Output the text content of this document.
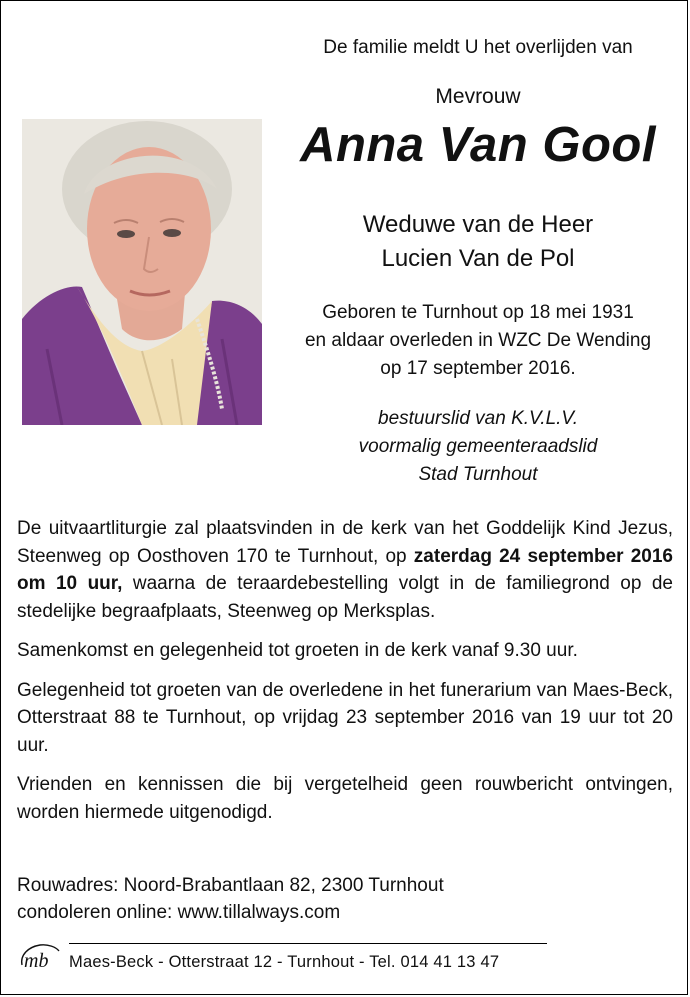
De familie meldt U het overlijden van
Mevrouw
Anna Van Gool
Weduwe van de Heer
Lucien Van de Pol
Geboren te Turnhout op 18 mei 1931
en aldaar overleden in WZC De Wending
op 17 september 2016.
bestuurslid van K.V.L.V.
voormalig gemeenteraadslid
Stad Turnhout

De uitvaartliturgie zal plaatsvinden in de kerk van het Goddelijk Kind Jezus, Steenweg op Oosthoven 170 te Turnhout, op zaterdag 24 september 2016 om 10 uur, waarna de teraardebestelling volgt in de familiegrond op de stedelijke begraafplaats, Steenweg op Merksplas.

Samenkomst en gelegenheid tot groeten in de kerk vanaf 9.30 uur.

Gelegenheid tot groeten van de overledene in het funerarium van Maes-Beck, Otterstraat 88 te Turnhout, op vrijdag 23 september 2016 van 19 uur tot 20 uur.

Vrienden en kennissen die bij vergetelheid geen rouwbericht ontvingen, worden hiermede uitgenodigd.

Rouwadres: Noord-Brabantlaan 82, 2300 Turnhout
condoleren online: www.tillalways.com
mb Maes-Beck - Otterstraat 12 - Turnhout - Tel. 014 41 13 47
